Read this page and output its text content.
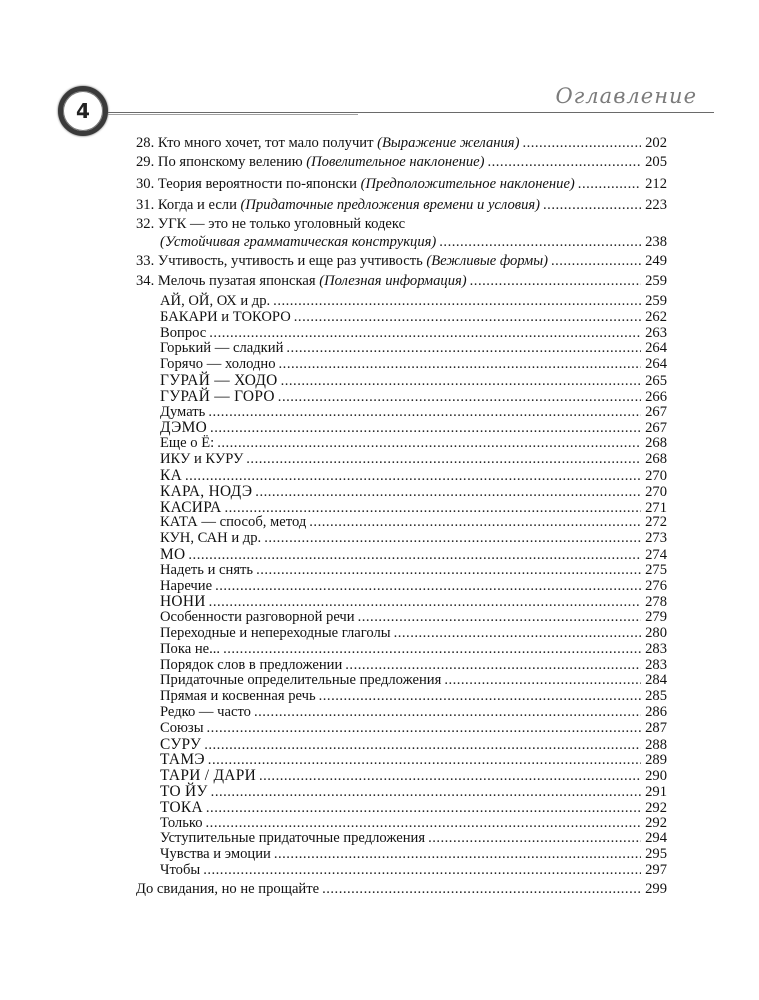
4
Оглавление
28. Кто много хочет, тот мало получит (Выражение желания) .....	202
29. По японскому велению (Повелительное наклонение) .....	205
30. Теория вероятности по-японски (Предположительное наклонение) .....	212
31. Когда и если (Придаточные предложения времени и условия) .....	223
32. УГК — это не только уголовный кодекс
(Устойчивая грамматическая конструкция) .....	238
33. Учтивость, учтивость и еще раз учтивость (Вежливые формы) .....	249
34. Мелочь пузатая японская (Полезная информация) .....	259
АЙ, ОЙ, ОХ и др. .....	259
БАКАРИ и ТОКОРО .....	262
Вопрос .....	263
Горький — сладкий .....	264
Горячо — холодно .....	264
ГУРАЙ — ХОДО .....	265
ГУРАЙ — ГОРО .....	266
Думать .....	267
ДЭМО .....	267
Еще о Ё: .....	268
ИКУ и КУРУ .....	268
КА .....	270
КАРА, НОДЭ .....	270
КАСИРА .....	271
КАТА — способ, метод .....	272
КУН, САН и др. .....	273
МО .....	274
Надеть и снять .....	275
Наречие .....	276
НОНИ .....	278
Особенности разговорной речи .....	279
Переходные и непереходные глаголы .....	280
Пока не... .....	283
Порядок слов в предложении .....	283
Придаточные определительные предложения .....	284
Прямая и косвенная речь .....	285
Редко — часто .....	286
Союзы .....	287
СУРУ .....	288
ТАМЭ .....	289
ТАРИ / ДАРИ .....	290
ТО ЙУ .....	291
ТОКА .....	292
Только .....	292
Уступительные придаточные предложения .....	294
Чувства и эмоции .....	295
Чтобы .....	297
До свидания, но не прощайте .....	299
